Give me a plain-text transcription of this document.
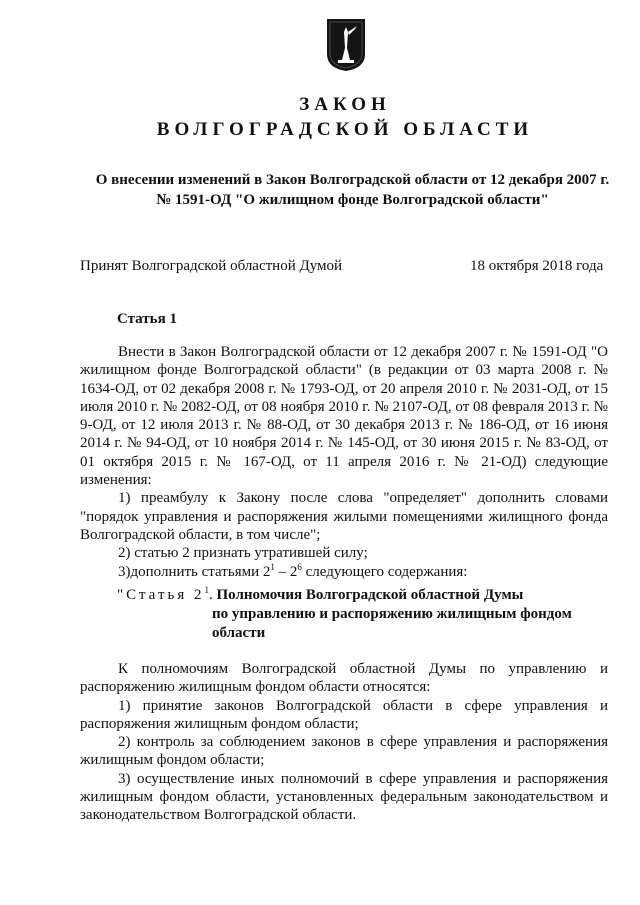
ЗАКОН
ВОЛГОГРАДСКОЙ ОБЛАСТИ
О внесении изменений в Закон Волгоградской области от 12 декабря 2007 г.
№ 1591-ОД "О жилищном фонде Волгоградской области"
Принят Волгоградской областной Думой	18 октября 2018 года
Статья 1

Внести в Закон Волгоградской области от 12 декабря 2007 г. № 1591-ОД "О жилищном фонде Волгоградской области" (в редакции от 03 марта 2008 г. № 1634-ОД, от 02 декабря 2008 г. № 1793-ОД, от 20 апреля 2010 г. № 2031-ОД, от 15 июля 2010 г. № 2082-ОД, от 08 ноября 2010 г. № 2107-ОД, от 08 февраля 2013 г. № 9-ОД, от 12 июля 2013 г. № 88-ОД, от 30 декабря 2013 г. № 186-ОД, от 16 июня 2014 г. № 94-ОД, от 10 ноября 2014 г. № 145-ОД, от 30 июня 2015 г. № 83-ОД, от 01 октября 2015 г. № 167-ОД, от 11 апреля 2016 г. № 21-ОД) следующие изменения:

1) преамбулу к Закону после слова "определяет" дополнить словами "порядок управления и распоряжения жилыми помещениями жилищного фонда Волгоградской области, в том числе";

2) статью 2 признать утратившей силу;

3)дополнить статьями $2^1 - 2^6$ следующего содержания:

"Статья $2^1$. Полномочия Волгоградской областной Думы
по управлению и распоряжению жилищным фондом
области

К полномочиям Волгоградской областной Думы по управлению и распоряжению жилищным фондом области относятся:

1) принятие законов Волгоградской области в сфере управления и распоряжения жилищным фондом области;

2) контроль за соблюдением законов в сфере управления и распоряжения жилищным фондом области;

3) осуществление иных полномочий в сфере управления и распоряжения жилищным фондом области, установленных федеральным законодательством и законодательством Волгоградской области.
